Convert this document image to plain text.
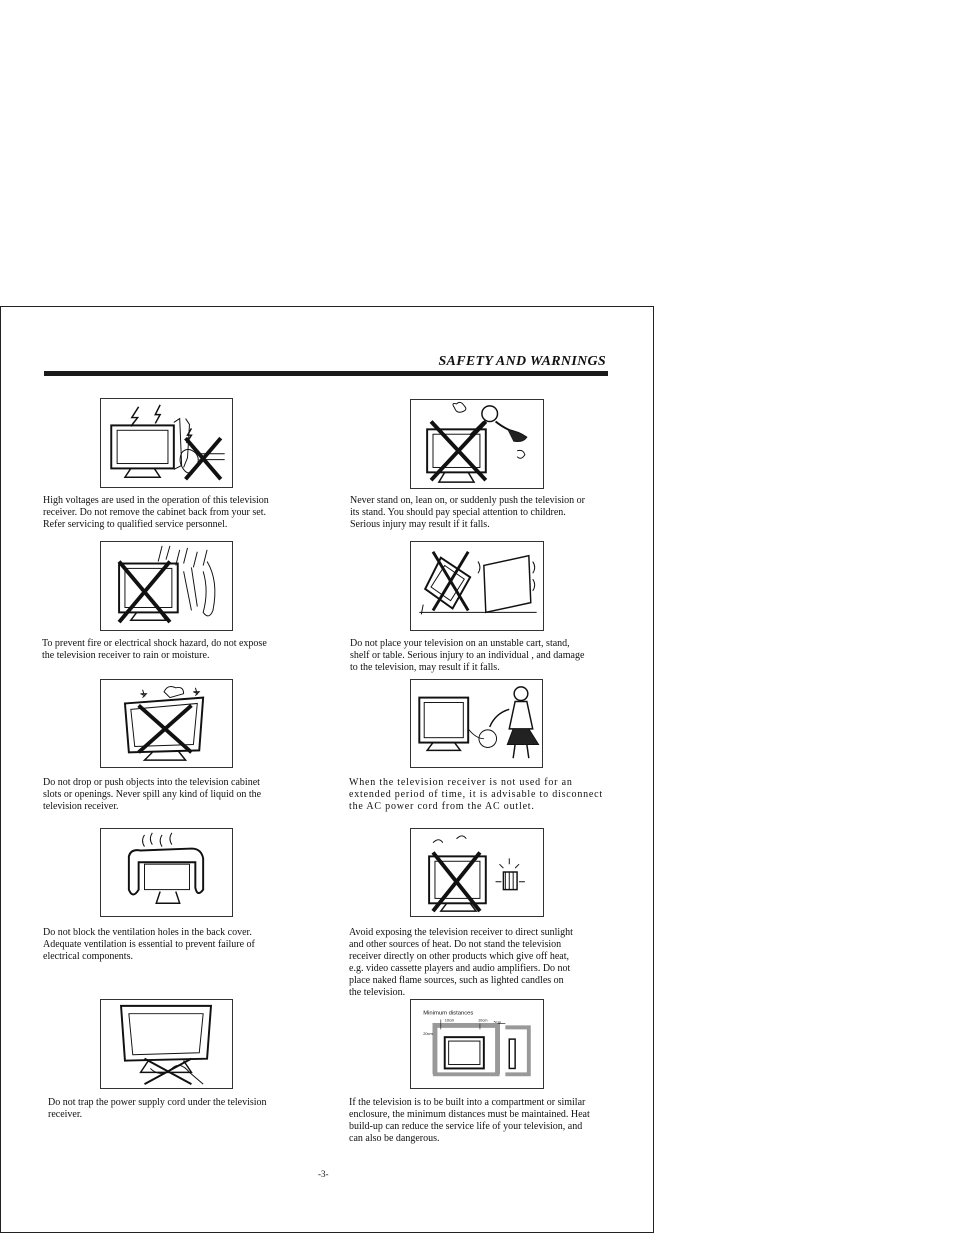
SAFETY AND WARNINGS
High voltages are used in the operation of this television
receiver. Do not remove the cabinet back from your set.
Refer servicing to qualified service personnel.
Never stand on, lean on, or suddenly push the television or
its stand. You should pay special attention to children.
Serious injury may result if it falls.
To prevent fire or electrical shock hazard, do not expose
the television receiver to rain or moisture.
Do not place your television on an unstable cart, stand,
shelf or table. Serious injury to an individual , and damage
to the television, may result if it falls.
Do not drop or push objects into the television cabinet
slots or openings. Never spill any kind of liquid on the
television receiver.
When the television receiver is not used for an
extended period of time, it is advisable to disconnect
the AC power cord from the AC outlet.
Do not block the ventilation holes in the back cover.
Adequate ventilation is essential to prevent failure of
electrical components.
Avoid exposing the television receiver to direct sunlight
and other sources of heat. Do not stand the television
receiver directly on other products which give off heat,
e.g. video cassette players and audio amplifiers. Do not
place naked flame sources, such as lighted candles on
the television.
Do not trap the power supply cord under the television
receiver.
Minimum distances
10cm	10cm 5cm
20cm
If the television is to be built into a compartment or similar
enclosure, the minimum distances must be maintained. Heat
build-up can reduce the service life of your television, and
can also be dangerous.
-3-
